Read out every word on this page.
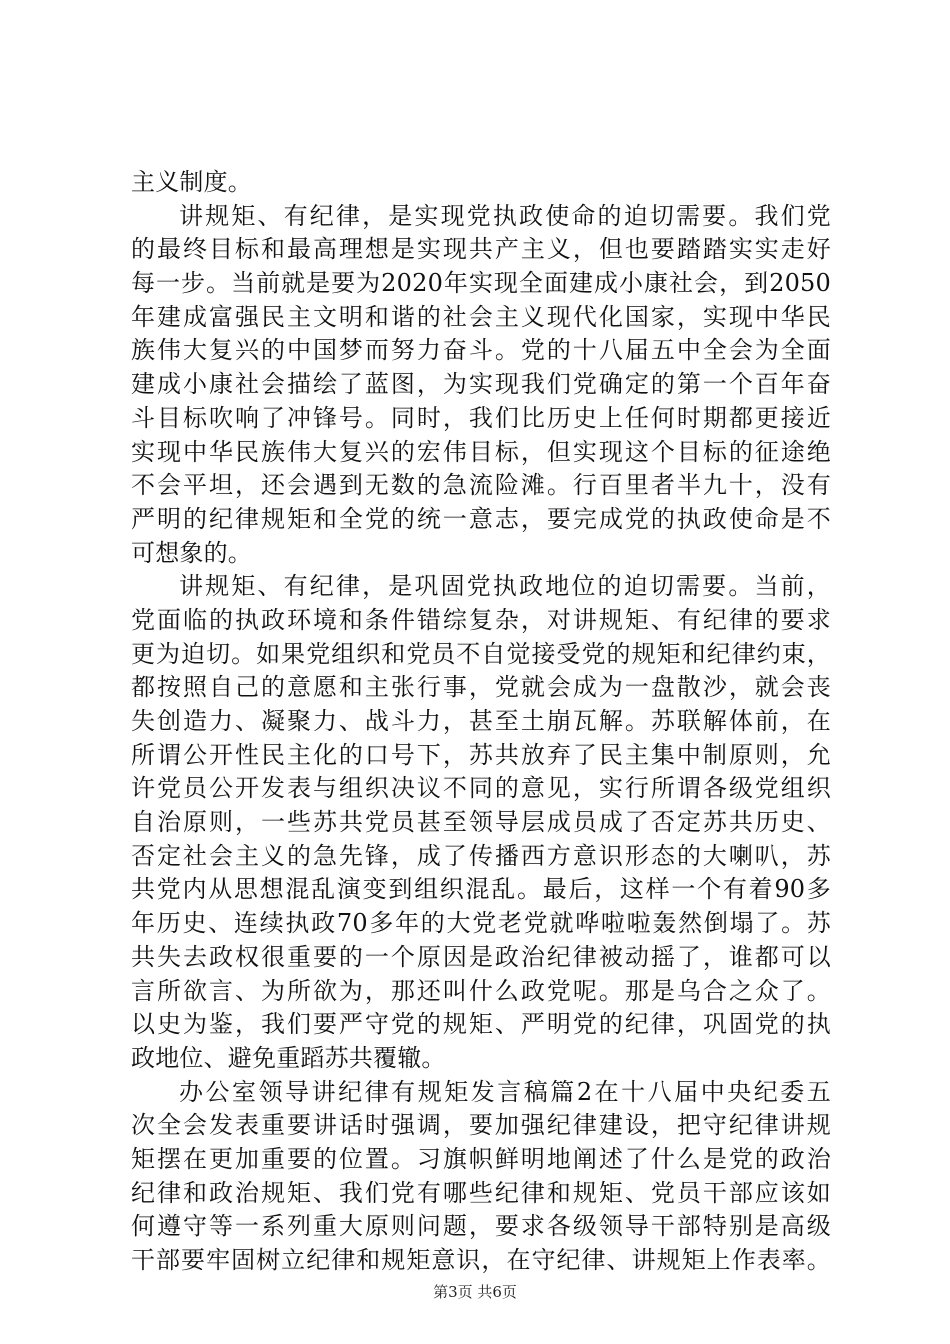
主义制度。
讲规矩、有纪律，是实现党执政使命的迫切需要。我们党
的最终目标和最高理想是实现共产主义，但也要踏踏实实走好
每一步。当前就是要为2020年实现全面建成小康社会，到2050
年建成富强民主文明和谐的社会主义现代化国家，实现中华民
族伟大复兴的中国梦而努力奋斗。党的十八届五中全会为全面
建成小康社会描绘了蓝图，为实现我们党确定的第一个百年奋
斗目标吹响了冲锋号。同时，我们比历史上任何时期都更接近
实现中华民族伟大复兴的宏伟目标，但实现这个目标的征途绝
不会平坦，还会遇到无数的急流险滩。行百里者半九十，没有
严明的纪律规矩和全党的统一意志，要完成党的执政使命是不
可想象的。
讲规矩、有纪律，是巩固党执政地位的迫切需要。当前，
党面临的执政环境和条件错综复杂，对讲规矩、有纪律的要求
更为迫切。如果党组织和党员不自觉接受党的规矩和纪律约束，
都按照自己的意愿和主张行事，党就会成为一盘散沙，就会丧
失创造力、凝聚力、战斗力，甚至土崩瓦解。苏联解体前，在
所谓公开性民主化的口号下，苏共放弃了民主集中制原则，允
许党员公开发表与组织决议不同的意见，实行所谓各级党组织
自治原则，一些苏共党员甚至领导层成员成了否定苏共历史、
否定社会主义的急先锋，成了传播西方意识形态的大喇叭，苏
共党内从思想混乱演变到组织混乱。最后，这样一个有着90多
年历史、连续执政70多年的大党老党就哗啦啦轰然倒塌了。苏
共失去政权很重要的一个原因是政治纪律被动摇了，谁都可以
言所欲言、为所欲为，那还叫什么政党呢。那是乌合之众了。
以史为鉴，我们要严守党的规矩、严明党的纪律，巩固党的执
政地位、避免重蹈苏共覆辙。
办公室领导讲纪律有规矩发言稿篇2在十八届中央纪委五
次全会发表重要讲话时强调，要加强纪律建设，把守纪律讲规
矩摆在更加重要的位置。习旗帜鲜明地阐述了什么是党的政治
纪律和政治规矩、我们党有哪些纪律和规矩、党员干部应该如
何遵守等一系列重大原则问题，要求各级领导干部特别是高级
干部要牢固树立纪律和规矩意识，在守纪律、讲规矩上作表率。
第3页 共6页
